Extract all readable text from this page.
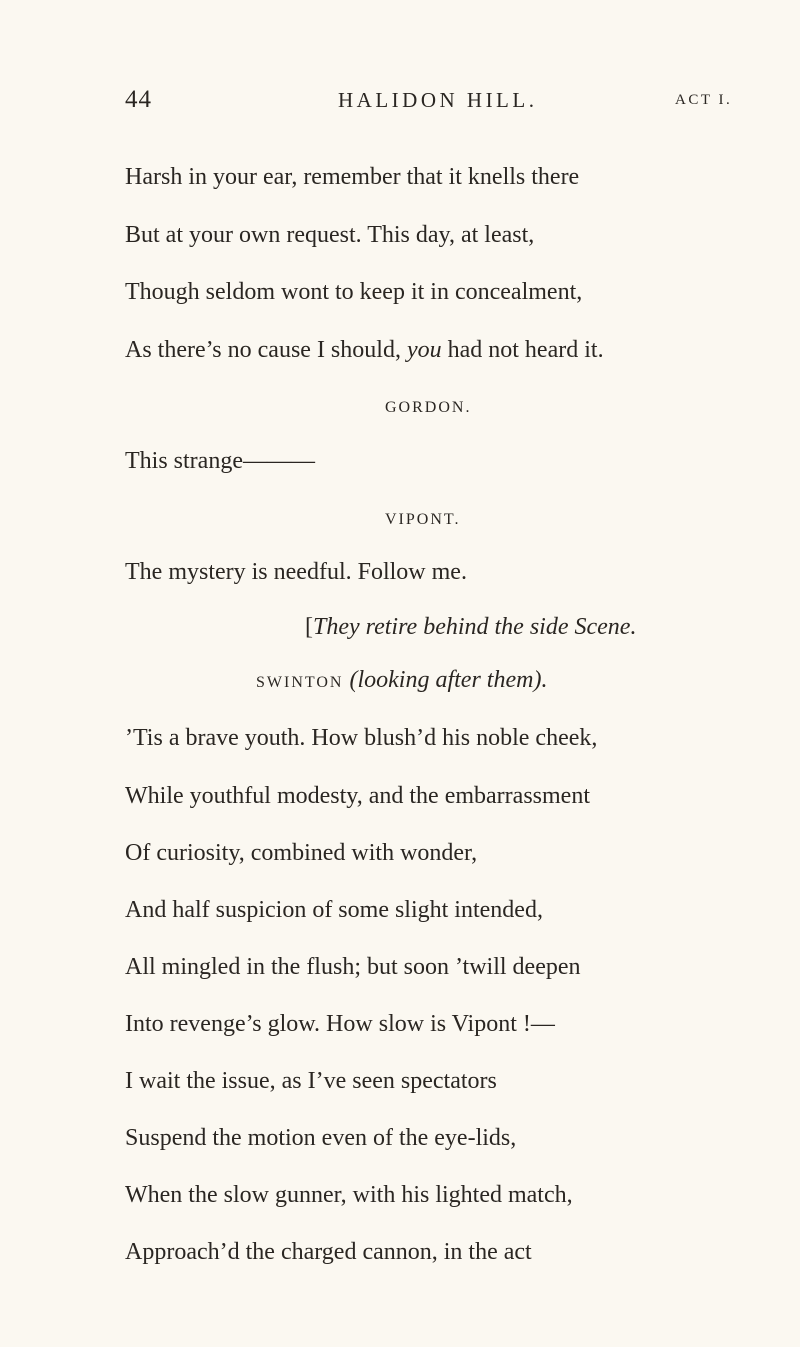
44	HALIDON HILL.	ACT I.
Harsh in your ear, remember that it knells there
But at your own request. This day, at least,
Though seldom wont to keep it in concealment,
As there’s no cause I should, you had not heard it.
GORDON.
This strange———
VIPONT.
The mystery is needful. Follow me.
[They retire behind the side Scene.
SWINTON (looking after them).
’Tis a brave youth. How blush’d his noble cheek,
While youthful modesty, and the embarrassment
Of curiosity, combined with wonder,
And half suspicion of some slight intended,
All mingled in the flush; but soon ’twill deepen
Into revenge’s glow. How slow is Vipont !—
I wait the issue, as I’ve seen spectators
Suspend the motion even of the eye-lids,
When the slow gunner, with his lighted match,
Approach’d the charged cannon, in the act
